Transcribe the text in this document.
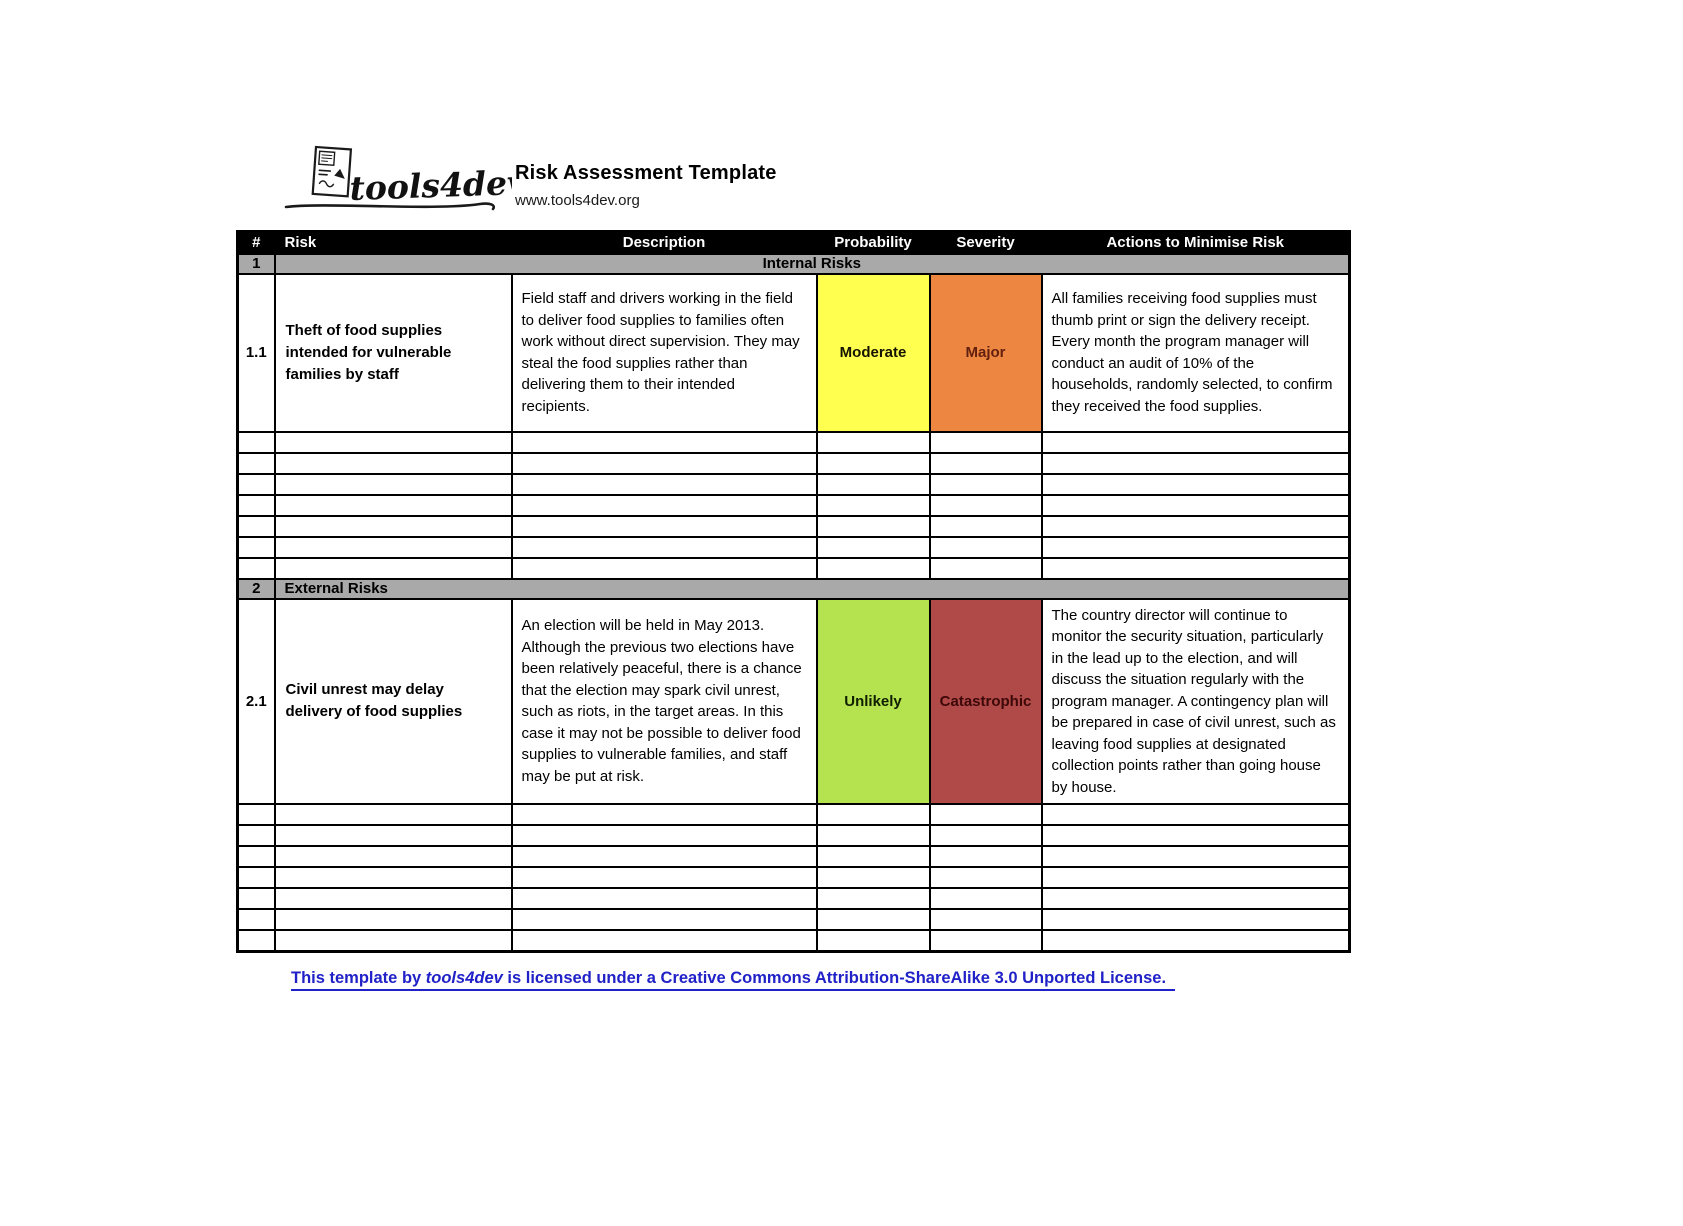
tools4dev
Risk Assessment Template
www.tools4dev.org
#	Risk	Description	Probability	Severity	Actions to Minimise Risk
1	Internal Risks				
1.1	Theft of food supplies intended for vulnerable families by staff	Field staff and drivers working in the field to deliver food supplies to families often work without direct supervision. They may steal the food supplies rather than delivering them to their intended recipients.	Moderate	Major	All families receiving food supplies must thumb print or sign the delivery receipt. Every month the program manager will conduct an audit of 10% of the households, randomly selected, to confirm they received the food supplies.

2	External Risks				
2.1	Civil unrest may delay delivery of food supplies	An election will be held in May 2013. Although the previous two elections have been relatively peaceful, there is a chance that the election may spark civil unrest, such as riots, in the target areas. In this case it may not be possible to deliver food supplies to vulnerable families, and staff may be put at risk.	Unlikely	Catastrophic	The country director will continue to monitor the security situation, particularly in the lead up to the election, and will discuss the situation regularly with the program manager. A contingency plan will be prepared in case of civil unrest, such as leaving food supplies at designated collection points rather than going house by house.

This template by tools4dev is licensed under a Creative Commons Attribution-ShareAlike 3.0 Unported License.
